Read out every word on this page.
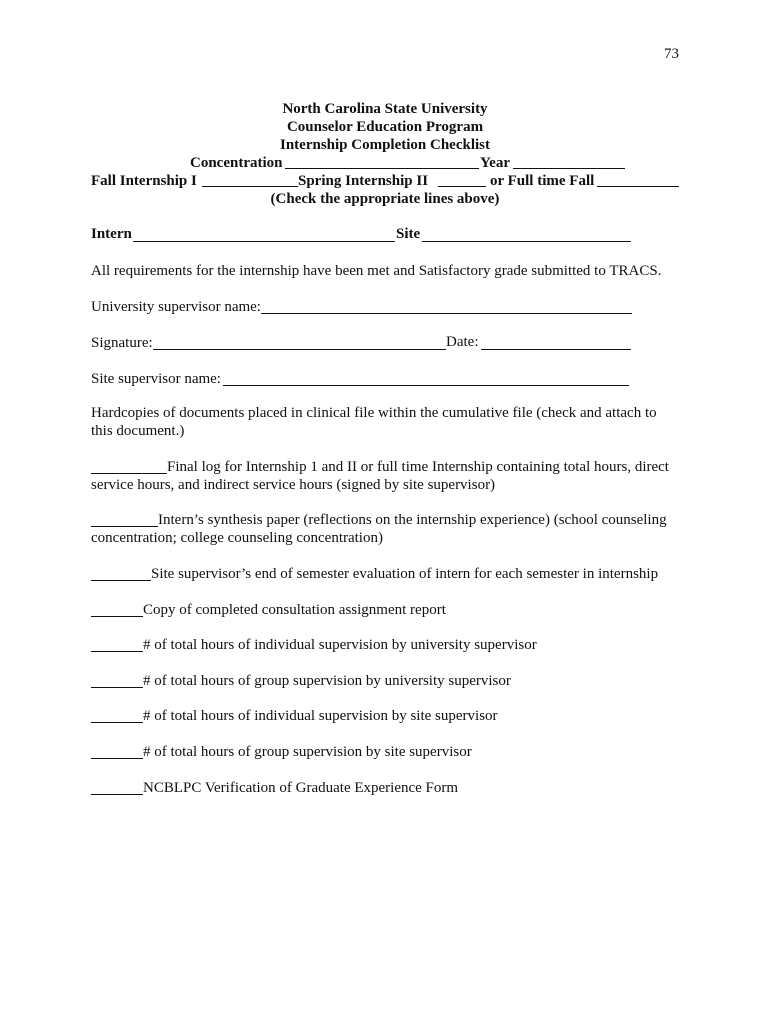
73
North Carolina State University
Counselor Education Program
Internship Completion Checklist
Concentration	Year
Fall Internship I	Spring Internship II	or Full time Fall
(Check the appropriate lines above)
Intern	Site
All requirements for the internship have been met and Satisfactory grade submitted to TRACS.
University supervisor name:
Signature:	Date:
Site supervisor name:
Hardcopies of documents placed in clinical file within the cumulative file (check and attach to this document.)
Final log for Internship 1 and II or full time Internship containing total hours, direct service hours, and indirect service hours (signed by site supervisor)
Intern’s synthesis paper (reflections on the internship experience) (school counseling concentration; college counseling concentration)
Site supervisor’s end of semester evaluation of intern for each semester in internship
Copy of completed consultation assignment report
# of total hours of individual supervision by university supervisor
# of total hours of group supervision by university supervisor
# of total hours of individual supervision by site supervisor
# of total hours of group supervision by site supervisor
NCBLPC Verification of Graduate Experience Form
